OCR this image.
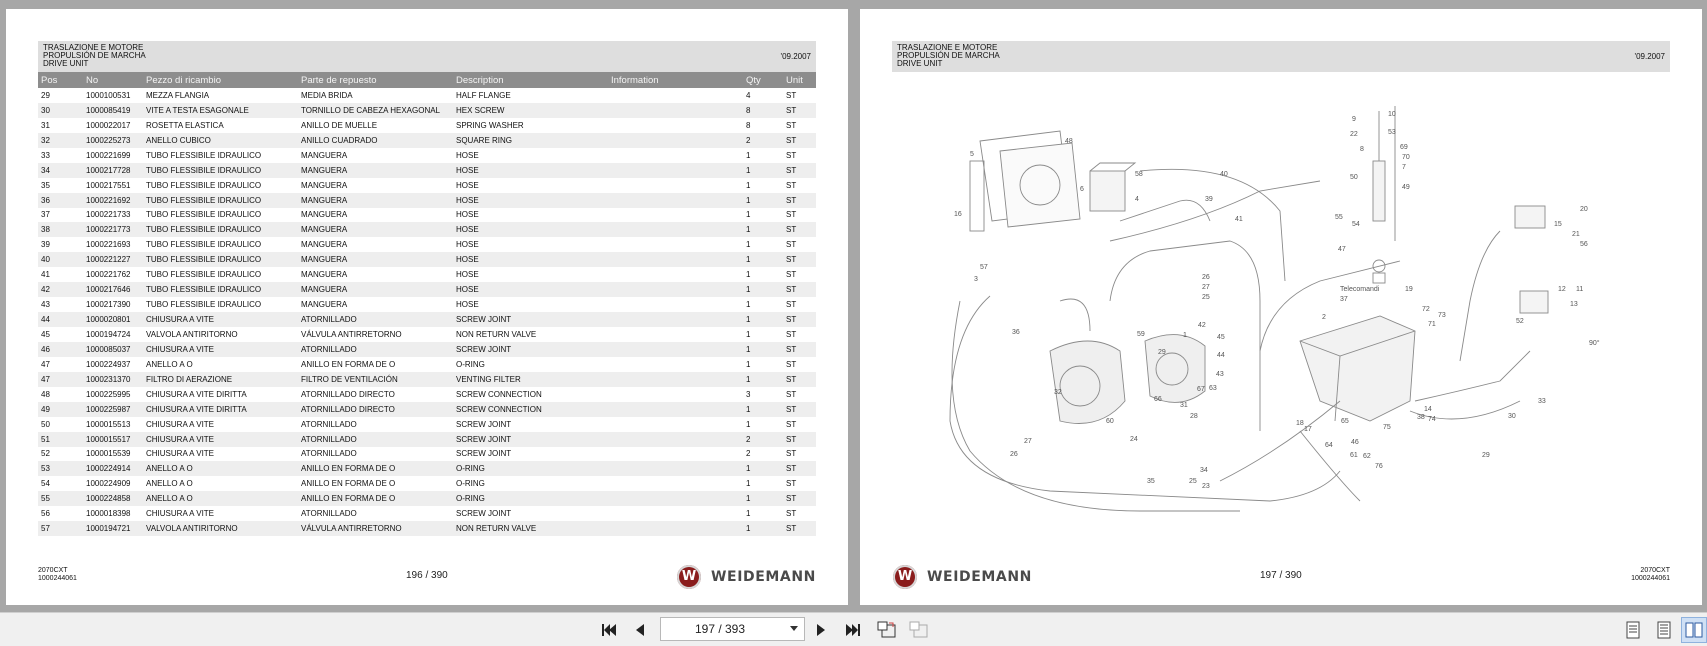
TRASLAZIONE E MOTORE
PROPULSIÓN DE MARCHA
DRIVE UNIT
'09.2007
Pos	No	Pezzo di ricambio	Parte de repuesto	Description	Information	Qty	Unit
29	1000100531	MEZZA FLANGIA	MEDIA BRIDA	HALF FLANGE		4	ST
30	1000085419	VITE A TESTA ESAGONALE	TORNILLO DE CABEZA HEXAGONAL	HEX SCREW		8	ST
31	1000022017	ROSETTA ELASTICA	ANILLO DE MUELLE	SPRING WASHER		8	ST
32	1000225273	ANELLO CUBICO	ANILLO CUADRADO	SQUARE RING		2	ST
33	1000221699	TUBO FLESSIBILE IDRAULICO	MANGUERA	HOSE		1	ST
34	1000217728	TUBO FLESSIBILE IDRAULICO	MANGUERA	HOSE		1	ST
35	1000217551	TUBO FLESSIBILE IDRAULICO	MANGUERA	HOSE		1	ST
36	1000221692	TUBO FLESSIBILE IDRAULICO	MANGUERA	HOSE		1	ST
37	1000221733	TUBO FLESSIBILE IDRAULICO	MANGUERA	HOSE		1	ST
38	1000221773	TUBO FLESSIBILE IDRAULICO	MANGUERA	HOSE		1	ST
39	1000221693	TUBO FLESSIBILE IDRAULICO	MANGUERA	HOSE		1	ST
40	1000221227	TUBO FLESSIBILE IDRAULICO	MANGUERA	HOSE		1	ST
41	1000221762	TUBO FLESSIBILE IDRAULICO	MANGUERA	HOSE		1	ST
42	1000217646	TUBO FLESSIBILE IDRAULICO	MANGUERA	HOSE		1	ST
43	1000217390	TUBO FLESSIBILE IDRAULICO	MANGUERA	HOSE		1	ST
44	1000020801	CHIUSURA A VITE	ATORNILLADO	SCREW JOINT		1	ST
45	1000194724	VALVOLA ANTIRITORNO	VÁLVULA ANTIRRETORNO	NON RETURN VALVE		1	ST
46	1000085037	CHIUSURA A VITE	ATORNILLADO	SCREW JOINT		1	ST
47	1000224937	ANELLO A O	ANILLO EN FORMA DE O	O-RING		1	ST
47	1000231370	FILTRO DI AERAZIONE	FILTRO DE VENTILACIÓN	VENTING FILTER		1	ST
48	1000225995	CHIUSURA A VITE DIRITTA	ATORNILLADO DIRECTO	SCREW CONNECTION		3	ST
49	1000225987	CHIUSURA A VITE DIRITTA	ATORNILLADO DIRECTO	SCREW CONNECTION		1	ST
50	1000015513	CHIUSURA A VITE	ATORNILLADO	SCREW JOINT		1	ST
51	1000015517	CHIUSURA A VITE	ATORNILLADO	SCREW JOINT		2	ST
52	1000015539	CHIUSURA A VITE	ATORNILLADO	SCREW JOINT		2	ST
53	1000224914	ANELLO A O	ANILLO EN FORMA DE O	O-RING		1	ST
54	1000224909	ANELLO A O	ANILLO EN FORMA DE O	O-RING		1	ST
55	1000224858	ANELLO A O	ANILLO EN FORMA DE O	O-RING		1	ST
56	1000018398	CHIUSURA A VITE	ATORNILLADO	SCREW JOINT		1	ST
57	1000194721	VALVOLA ANTIRITORNO	VÁLVULA ANTIRRETORNO	NON RETURN VALVE		1	ST
2070CXT
1000244061	196 / 390 W	WEIDEMANN
TRASLAZIONE E MOTORE
PROPULSIÓN DE MARCHA
DRIVE UNIT
'09.2007
5
6
16
48
4
58
39
40
41
9
22
10
53
8	69
70
7
49
50
55
54
47
19
20
15
21
56
57
3	26
27
25	37
Telecomandi
2
72
73
71
42
12 11
13
90°
36	59	1
29
67
45
44
43
52
63
31
32
60
28
66
24
64
65
18
17
62
46
61
76
75
74
14
38
33
30
29
26
27
25
23
34
35
2070CXT
1000244061
197 / 390
W
WEIDEMANN
197 / 393
